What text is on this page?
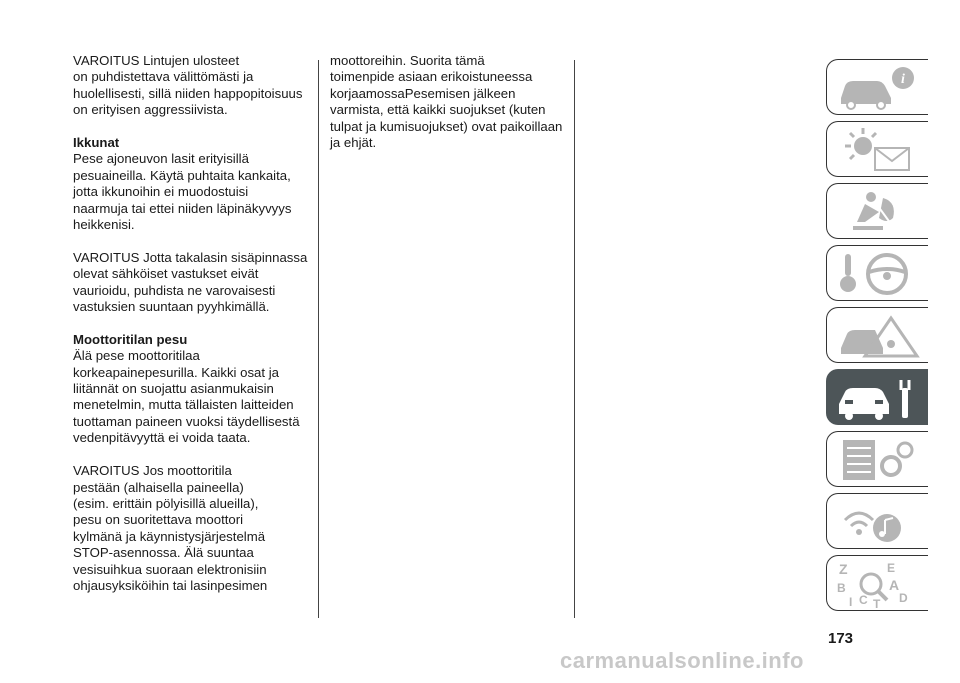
VAROITUS Lintujen ulosteet
on puhdistettava välittömästi ja
huolellisesti, sillä niiden happopitoisuus
on erityisen aggressiivista.

Ikkunat

Pese ajoneuvon lasit erityisillä
pesuaineilla. Käytä puhtaita kankaita,
jotta ikkunoihin ei muodostuisi
naarmuja tai ettei niiden läpinäkyvyys
heikkenisi.

VAROITUS Jotta takalasin sisäpinnassa
olevat sähköiset vastukset eivät
vaurioidu, puhdista ne varovaisesti
vastuksien suuntaan pyyhkimällä.

Moottoritilan pesu

Älä pese moottoritilaa
korkeapainepesurilla. Kaikki osat ja
liitännät on suojattu asianmukaisin
menetelmin, mutta tällaisten laitteiden
tuottaman paineen vuoksi täydellisestä
vedenpitävyyttä ei voida taata.

VAROITUS Jos moottoritila
pestään (alhaisella paineella)
(esim. erittäin pölyisillä alueilla),
pesu on suoritettava moottori
kylmänä ja käynnistysjärjestelmä
STOP-asennossa. Älä suuntaa
vesisuihkua suoraan elektronisiin
ohjausyksiköihin tai lasinpesimen

moottoreihin. Suorita tämä
toimenpide asiaan erikoistuneessa
korjaamossaPesemisen jälkeen
varmista, että kaikki suojukset (kuten
tulpat ja kumisuojukset) ovat paikoillaan
ja ehjät.

i
Z	E
B	A
I C T D
173
carmanualsonline.info
